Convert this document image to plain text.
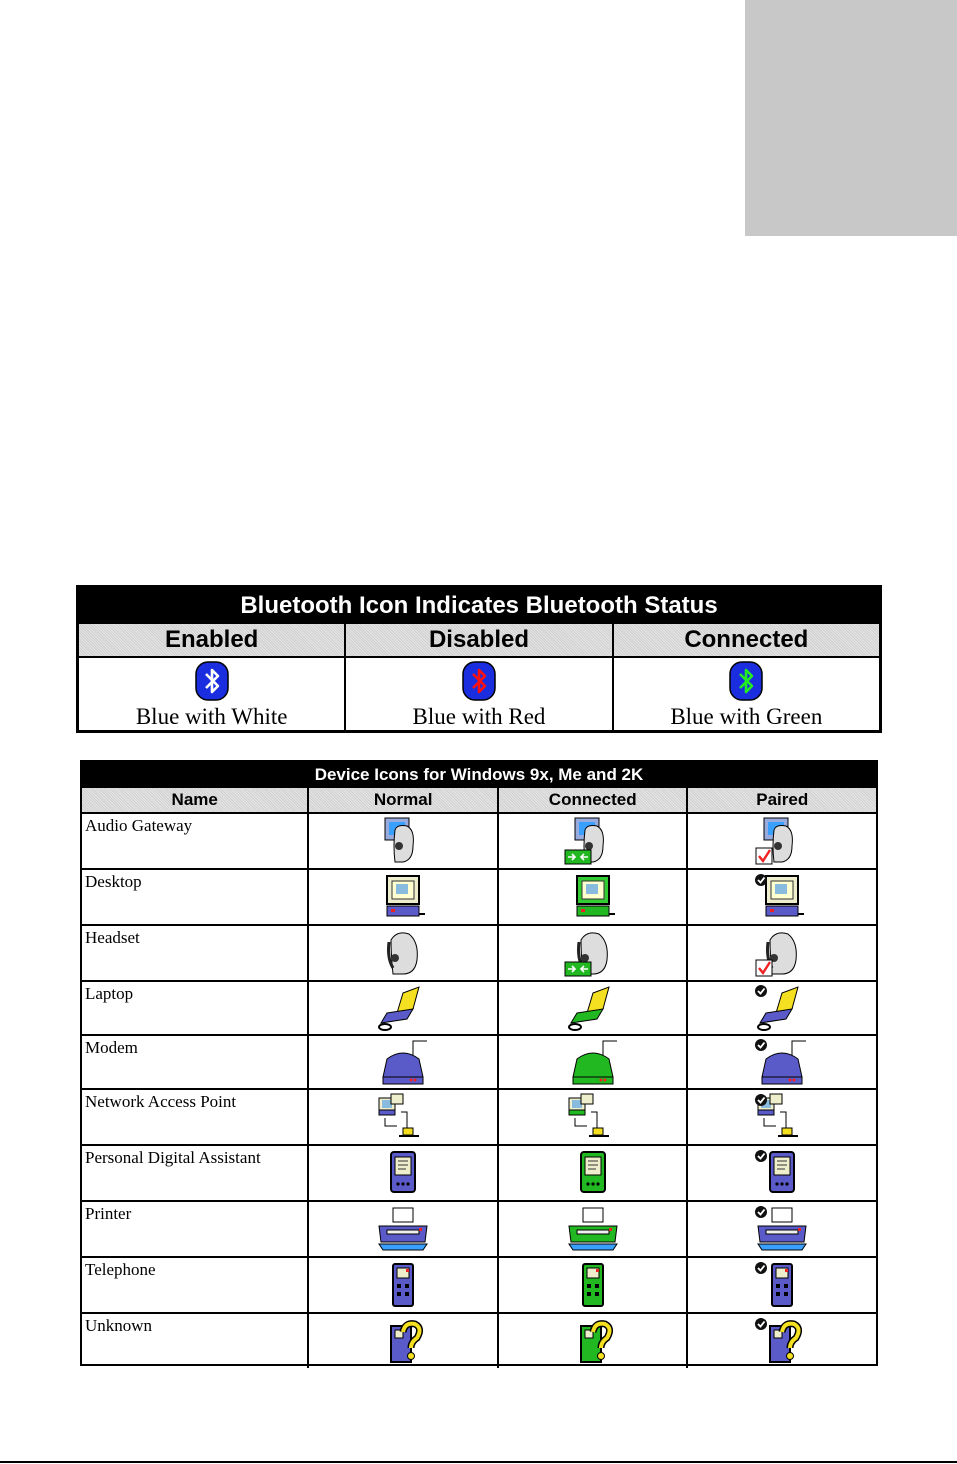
Bluetooth Icon Indicates Bluetooth Status
Enabled	Disabled	Connected
Blue with White	Blue with Red	Blue with Green
Device Icons for Windows 9x, Me and 2K
Name	Normal	Connected	Paired
Audio Gateway
Desktop
Headset
Laptop
Modem
Network Access Point
Personal Digital Assistant
Printer
Telephone
Unknown
